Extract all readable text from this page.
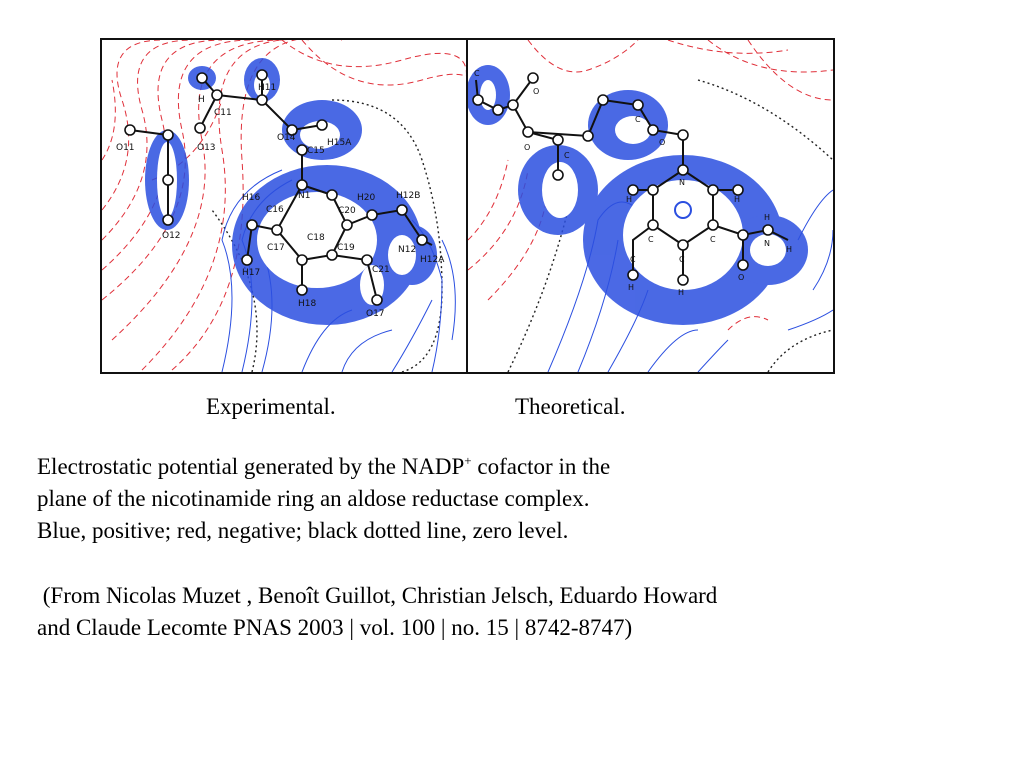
O11
O12
H
C11
O13
H11
O14	H15A
C15
N1
H16
C16	C20
H20 H12B
N12
H12A
C18
C17	C19
H17	C21
H18
O17
C
O
O
C
O
C
N
H	H
C	C
C	C
H
H
N
H
H
O
Experimental.	Theoretical.
Electrostatic potential generated by the NADP+ cofactor in the
plane of the nicotinamide ring an aldose reductase complex.
Blue, positive; red, negative; black dotted line, zero level.
(From Nicolas Muzet , Benoît Guillot, Christian Jelsch, Eduardo Howard
and Claude Lecomte PNAS 2003 | vol. 100 | no. 15 | 8742-8747)
